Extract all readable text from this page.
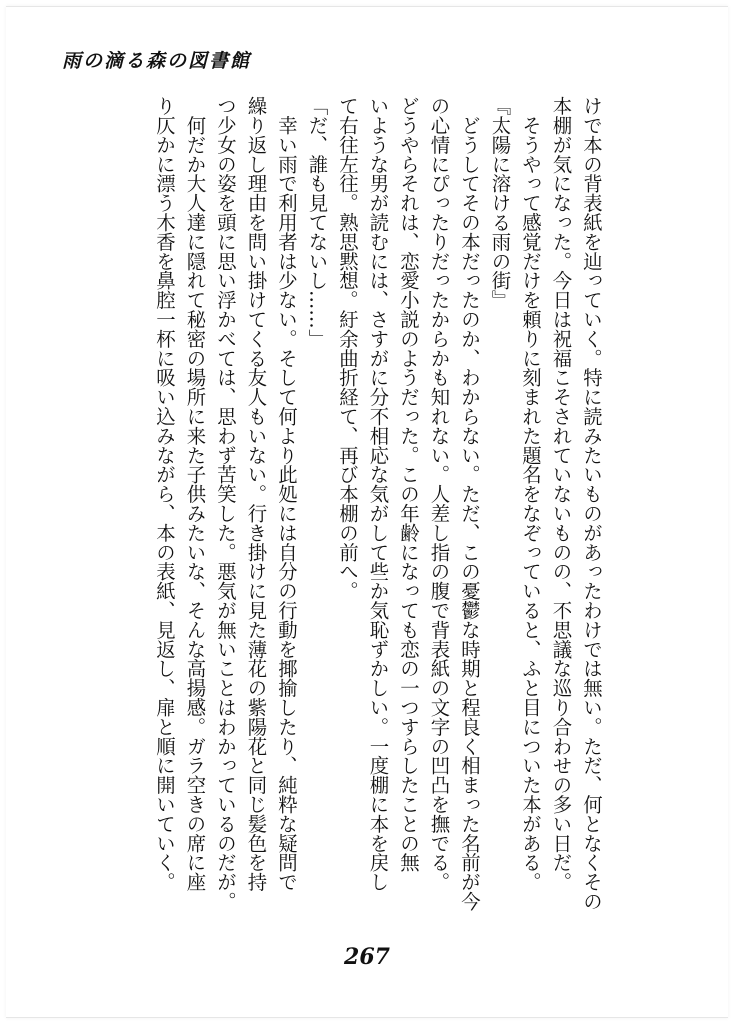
雨の滴る森の図書館

けで本の背表紙を辿っていく。特に読みたいものがあったわけでは無い。ただ、何となくその

本棚が気になった。今日は祝福こそされていないものの、不思議な巡り合わせの多い日だ。

　そうやって感覚だけを頼りに刻まれた題名をなぞっていると、ふと目についた本がある。

『太陽に溶ける雨の街』

　どうしてその本だったのか、わからない。ただ、この憂鬱な時期と程良く相まった名前が今

の心情にぴったりだったからかも知れない。人差し指の腹で背表紙の文字の凹凸を撫でる。

どうやらそれは、恋愛小説のようだった。この年齢になっても恋の一つすらしたことの無

いような男が読むには、さすがに分不相応な気がして些か気恥ずかしい。一度棚に本を戻し

て右往左往。熟思黙想。紆余曲折経て、再び本棚の前へ。

「だ、誰も見てないし……」

　幸い雨で利用者は少ない。そして何より此処には自分の行動を揶揄したり、純粋な疑問で

繰り返し理由を問い掛けてくる友人もいない。行き掛けに見た薄花の紫陽花と同じ髪色を持

つ少女の姿を頭に思い浮かべては、思わず苦笑した。悪気が無いことはわかっているのだが。

　何だか大人達に隠れて秘密の場所に来た子供みたいな、そんな高揚感。ガラ空きの席に座

り仄かに漂う木香を鼻腔一杯に吸い込みながら、本の表紙、見返し、扉と順に開いていく。

267
